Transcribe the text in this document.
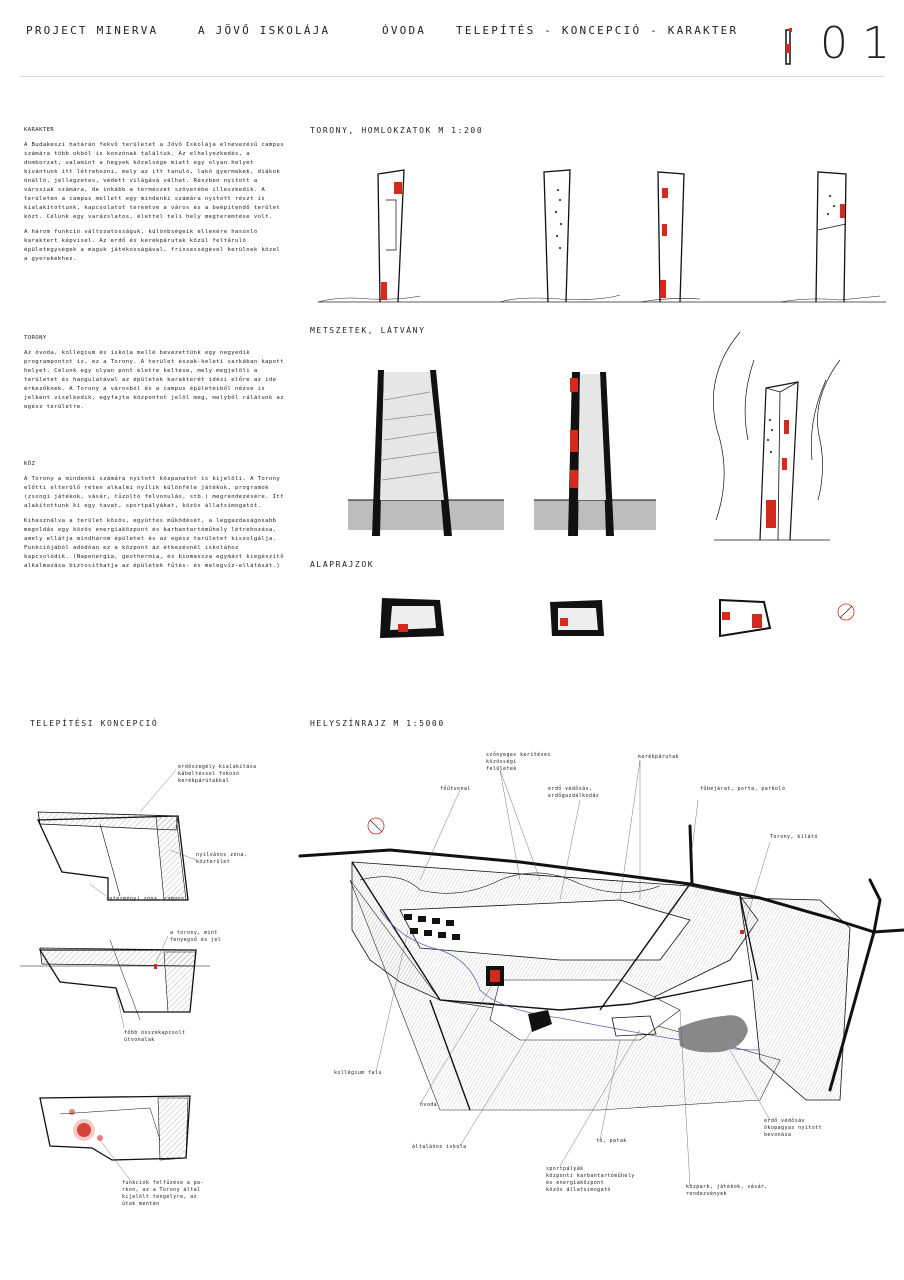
PROJECT MINERVA	A JÖVŐ ISKOLÁJA	ÓVODA	TELEPÍTÉS - KONCEPCIÓ - KARAKTER 01

KARAKTER

A Budakeszi határán fekvő területet a Jövő Iskolája elnevezésű campus számára több okból is konzónak találtuk. Az elhelyezkedés, a domborzat, valamint a hegyek közelsége miatt egy olyan helyet kívántunk itt létrehozni, mely az itt tanuló, lakó gyermekek, diákok önálló, jellegzetes, védett világává válhat. Részben nyitott a városiak számára, de inkább a természet szövetébe illeszkedik. A területen a campus mellett egy mindenki számára nyitott részt is kialakítottunk, kapcsolatot teremtve a város és a beépítendő terület közt. Célunk egy varázslatos, élettel teli hely megteremtése volt.

A három funkció változatosságuk, különbségeik ellenére hasonló karaktert képvisel. Az erdő és kerékpárutak közül feltáruló épületegységek a maguk játékosságával, frissességével kerülnek közel a gyerekekhez.

TORONY

Az óvoda, kollégium és iskola mellé bevezettünk egy negyedik programpontot is, ez a Torony. A terület észak-keleti sarkában kapott helyet. Célunk egy olyan pont életre keltése, mely megjelöli a területet és hangulatával az épületek karakterét idézi előre az ide érkezőknek. A Torony a városból és a campus épületeiből nézve is jelként viselkedik, egyfajta központot jelöl meg, melyből rálátunk az egész területre.

KÖZ

A Torony a mindenki számára nyitott közpanatot is kijelöli. A Torony előtti elterülő réten alkalmi nyílik különféle játékok, programok (zsongi játékok, vásár, tűzoltó felvonulás, stb.) megrendezésére. Itt alakítottunk ki egy tavat, sportpályákat, közös állatsimogatót.

Kihasználva a terület közös, együttes működését, a leggazdaságosabb megoldás egy közös energiaközpont és karbantartóműhely létrehozása, amely ellátja mindhárom épületet és az egész területet kiszolgálja. Funkciójából adódóan ez a központ az étkezésnél iskolához kapcsolódik. (Napenergia, geothermia, és biomassza egymást kiegészítő alkalmazása biztosíthatja az épületek fűtés- és melegvíz-ellátását.)

TORONY, HOMLOKZATOK M 1:200
METSZETEK, LÁTVÁNY
ALAPRAJZOK
TELEPÍTÉSI KONCEPCIÓ	HELYSZÍNRAJZ M 1:5000
erdőszegély kialakítása
kábeltéssel fokozó
kerékpárútakkal
nyilvános zóna,
közterület
intézményi zóna, campus
a torony, mint
fenyegvő és jel
főbb összekapcsolt
útvonalak
funkciók felfűzése a pa-
rkon, az a Torony által
kijelölt tengelyre, az
útak mentén
szőnyeges kerítéses
közösségi
felületek
kerékpárutak
főútvonal	erdő védősáv,
erdőgazdálkodás
főbejárat, porta, parkoló
Torony, kilátó
kollégium falu
óvoda
általános iskola
tó, patak
erdő védősáv
ökopagyas nyitott
bevonása
sportpályák
központi karbantartóműhely
és energiaközpont
közös állatsimogató	közpark, játékok, vásár,
rendezvények
